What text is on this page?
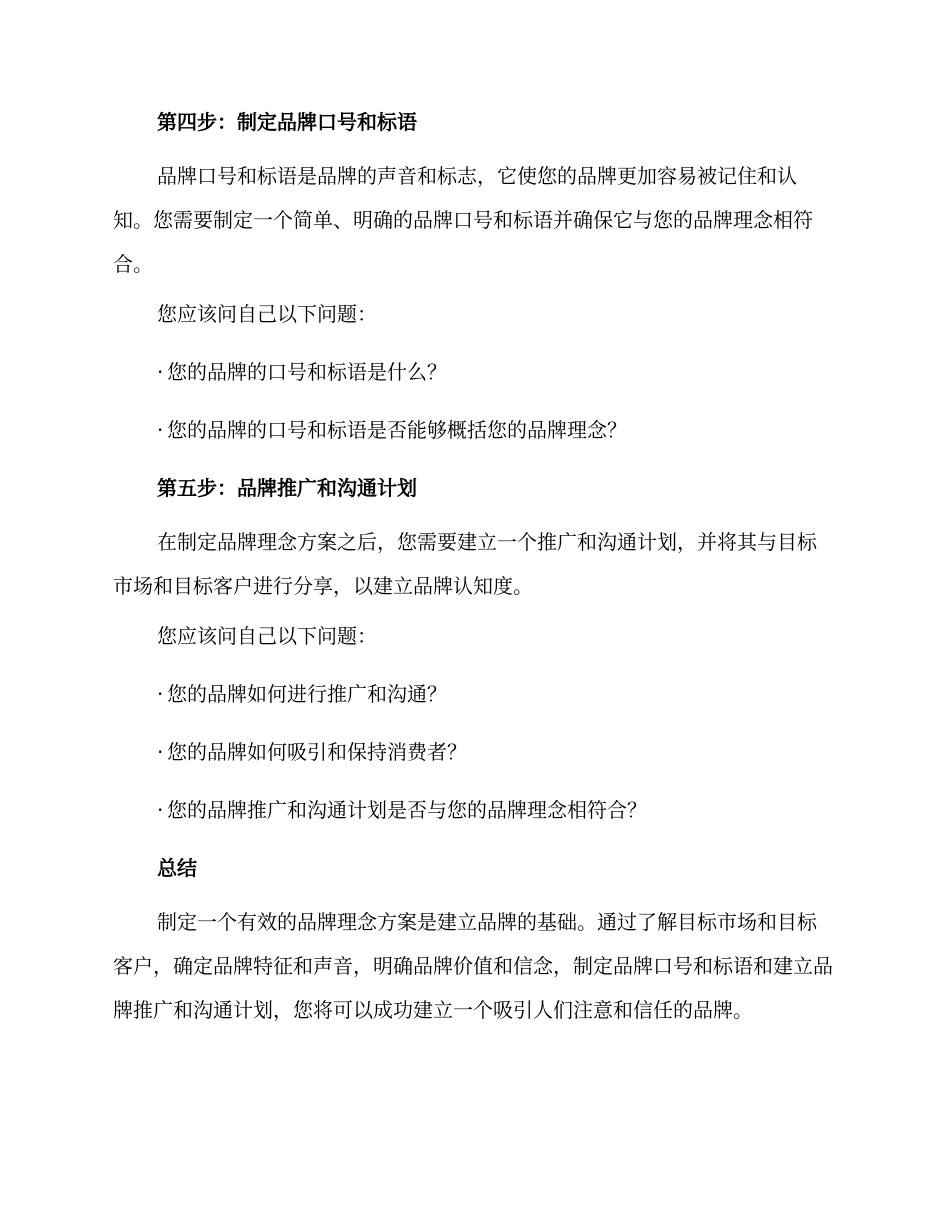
第四步：制定品牌口号和标语

品牌口号和标语是品牌的声音和标志，它使您的品牌更加容易被记住和认知。您需要制定一个简单、明确的品牌口号和标语并确保它与您的品牌理念相符合。

您应该问自己以下问题：
· 您的品牌的口号和标语是什么？
· 您的品牌的口号和标语是否能够概括您的品牌理念？
第五步：品牌推广和沟通计划

在制定品牌理念方案之后，您需要建立一个推广和沟通计划，并将其与目标市场和目标客户进行分享，以建立品牌认知度。

您应该问自己以下问题：
· 您的品牌如何进行推广和沟通？
· 您的品牌如何吸引和保持消费者？
· 您的品牌推广和沟通计划是否与您的品牌理念相符合？
总结

制定一个有效的品牌理念方案是建立品牌的基础。通过了解目标市场和目标客户，确定品牌特征和声音，明确品牌价值和信念，制定品牌口号和标语和建立品牌推广和沟通计划，您将可以成功建立一个吸引人们注意和信任的品牌。
